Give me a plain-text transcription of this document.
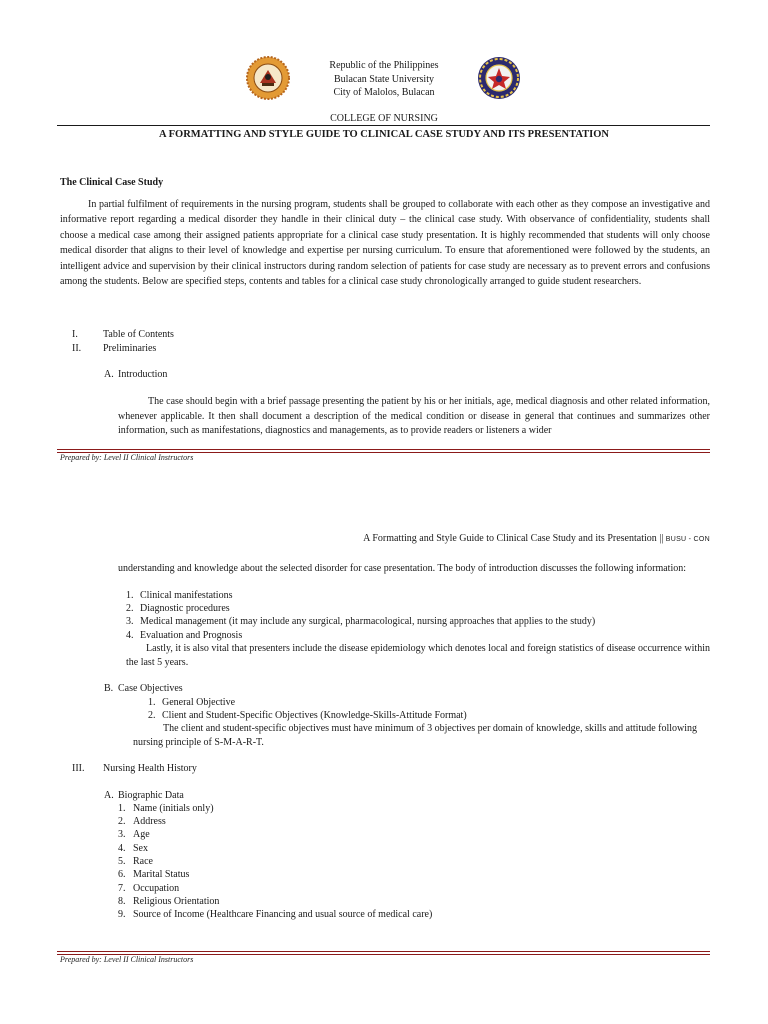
Republic of the Philippines
Bulacan State University
City of Malolos, Bulacan
COLLEGE OF NURSING
A FORMATTING AND STYLE GUIDE TO CLINICAL CASE STUDY AND ITS PRESENTATION
The Clinical Case Study
In partial fulfilment of requirements in the nursing program, students shall be grouped to collaborate with each other as they compose an investigative and informative report regarding a medical disorder they handle in their clinical duty – the clinical case study. With observance of confidentiality, students shall choose a medical case among their assigned patients appropriate for a clinical case study presentation. It is highly recommended that students will only choose medical disorder that aligns to their level of knowledge and expertise per nursing curriculum. To ensure that aforementioned were followed by the students, an intelligent advice and supervision by their clinical instructors during random selection of patients for case study are necessary as to prevent errors and confusions among the students. Below are specified steps, contents and tables for a clinical case study chronologically arranged to guide student researchers.
I.	Table of Contents
II. Preliminaries
A. Introduction
The case should begin with a brief passage presenting the patient by his or her initials, age, medical diagnosis and other related information, whenever applicable. It then shall document a description of the medical condition or disease in general that continues and summarizes other information, such as manifestations, diagnostics and managements, as to provide readers or listeners a wider
Prepared by: Level II Clinical Instructors
A Formatting and Style Guide to Clinical Case Study and its Presentation || BUSU - CON
understanding and knowledge about the selected disorder for case presentation. The body of introduction discusses the following information:
1. Clinical manifestations
2. Diagnostic procedures
3. Medical management (it may include any surgical, pharmacological, nursing approaches that applies to the study)
4. Evaluation and Prognosis
Lastly, it is also vital that presenters include the disease epidemiology which denotes local and foreign statistics of disease occurrence within the last 5 years.
B. Case Objectives
1. General Objective
2. Client and Student-Specific Objectives (Knowledge-Skills-Attitude Format)
The client and student-specific objectives must have minimum of 3 objectives per domain of knowledge, skills and attitude following nursing principle of S-M-A-R-T.
III. Nursing Health History
A. Biographic Data
1. Name (initials only)
2. Address
3. Age
4. Sex
5. Race
6. Marital Status
7. Occupation
8. Religious Orientation
9. Source of Income (Healthcare Financing and usual source of medical care)
Prepared by: Level II Clinical Instructors
